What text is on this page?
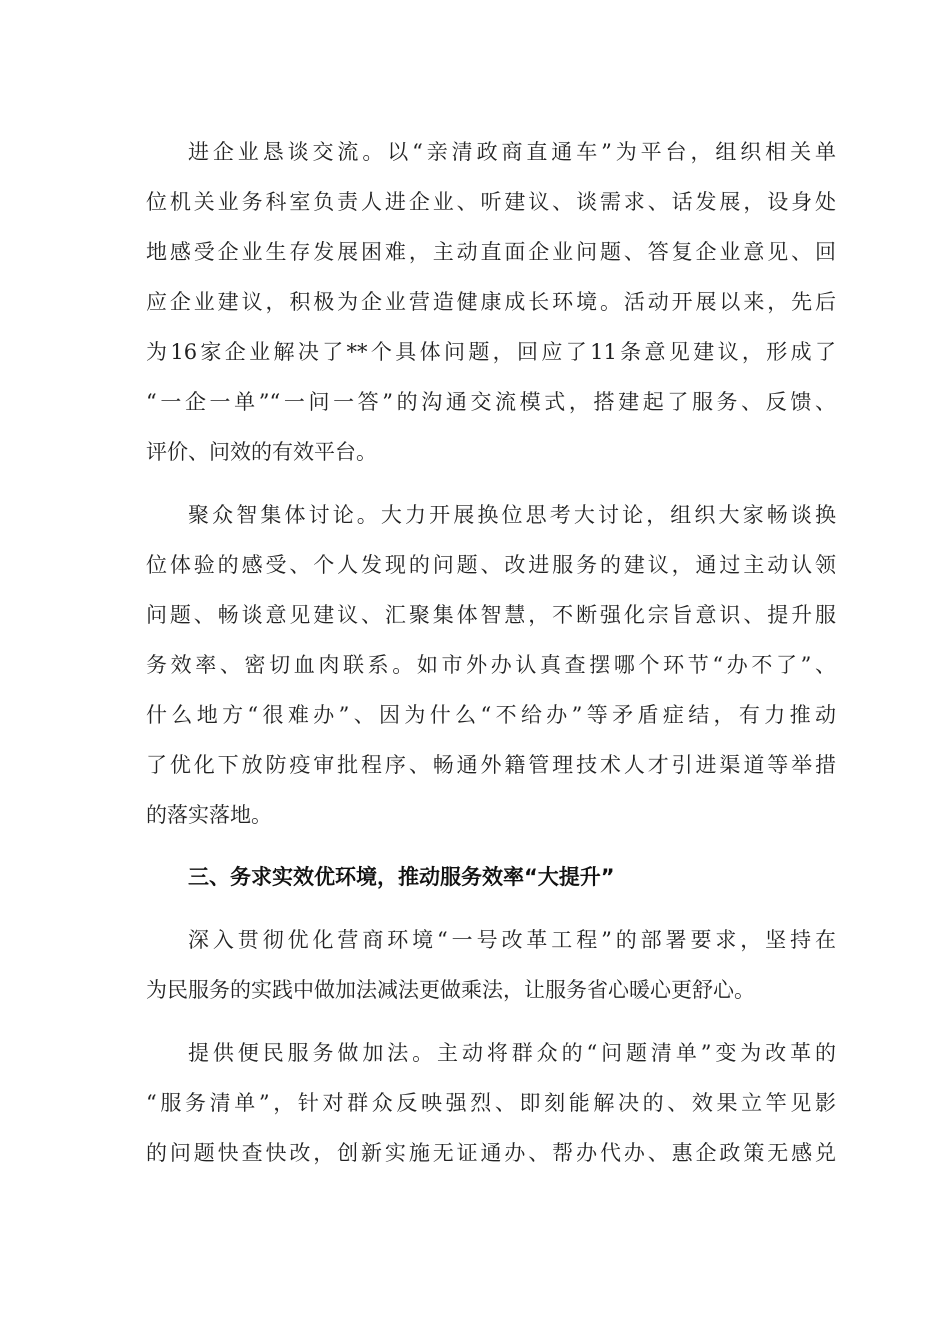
进企业恳谈交流。以“亲清政商直通车”为平台，组织相关单
位机关业务科室负责人进企业、听建议、谈需求、话发展，设身处
地感受企业生存发展困难，主动直面企业问题、答复企业意见、回
应企业建议，积极为企业营造健康成长环境。活动开展以来，先后
为16家企业解决了**个具体问题，回应了11条意见建议，形成了
“一企一单”“一问一答”的沟通交流模式，搭建起了服务、反馈、
评价、问效的有效平台。
聚众智集体讨论。大力开展换位思考大讨论，组织大家畅谈换
位体验的感受、个人发现的问题、改进服务的建议，通过主动认领
问题、畅谈意见建议、汇聚集体智慧，不断强化宗旨意识、提升服
务效率、密切血肉联系。如市外办认真查摆哪个环节“办不了”、
什么地方“很难办”、因为什么“不给办”等矛盾症结，有力推动
了优化下放防疫审批程序、畅通外籍管理技术人才引进渠道等举措
的落实落地。
三、务求实效优环境，推动服务效率“大提升”
深入贯彻优化营商环境“一号改革工程”的部署要求，坚持在
为民服务的实践中做加法减法更做乘法，让服务省心暖心更舒心。
提供便民服务做加法。主动将群众的“问题清单”变为改革的
“服务清单”，针对群众反映强烈、即刻能解决的、效果立竿见影
的问题快查快改，创新实施无证通办、帮办代办、惠企政策无感兑
